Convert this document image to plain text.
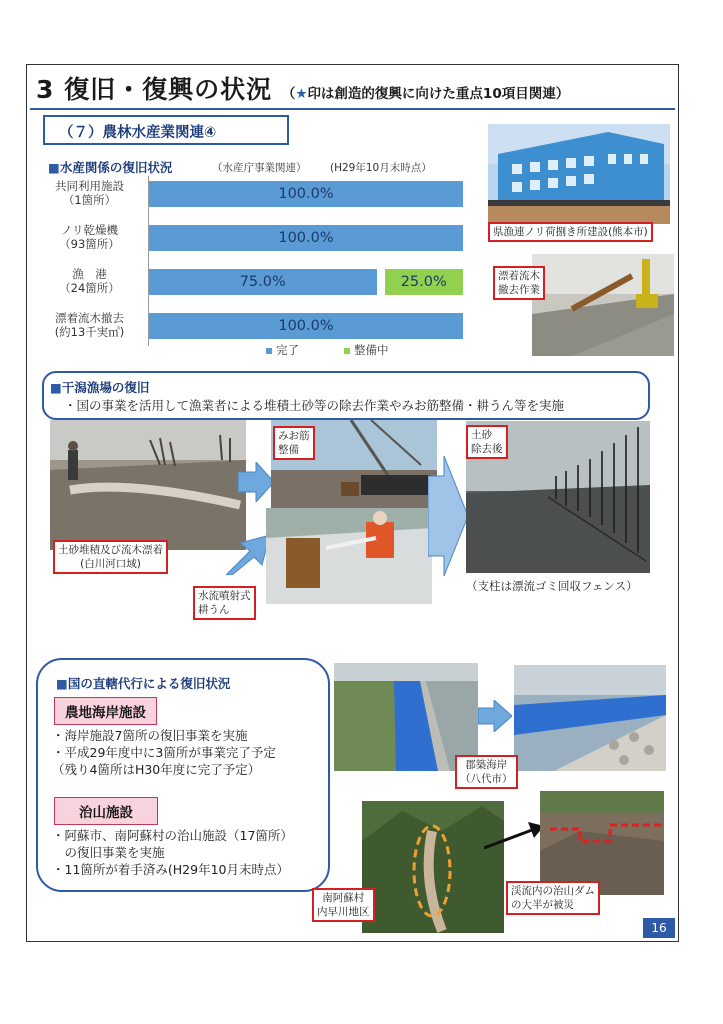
3 復旧・復興の状況 （★印は創造的復興に向けた重点10項目関連）
（７）農林水産業関連④
■水産関係の復旧状況	（水産庁事業関連） (H29年10月末時点）
共同利用施設
（1箇所）	100.0%
ノリ乾燥機
（93箇所）	100.0%
漁　港
（24箇所）	75.0%	25.0%
漂着流木撤去
(約13千実㎥)	100.0%
完了	整備中
県漁連ノリ荷捌き所建設(熊本市)
漂着流木
撤去作業
■干潟漁場の復旧
・国の事業を活用して漁業者による堆積土砂等の除去作業やみお筋整備・耕うん等を実施
土砂堆積及び流木漂着
(白川河口域)
みお筋
整備
水流噴射式
耕うん
土砂
除去後
（支柱は漂流ゴミ回収フェンス）
■国の直轄代行による復旧状況
農地海岸施設
・海岸施設7箇所の復旧事業を実施
・平成29年度中に3箇所が事業完了予定
（残り4箇所はH30年度に完了予定）
治山施設
・阿蘇市、南阿蘇村の治山施設（17箇所）
　の復旧事業を実施
・11箇所が着手済み(H29年10月末時点）
郡築海岸
（八代市）
南阿蘇村
内早川地区
渓流内の治山ダム
の大半が被災
16
